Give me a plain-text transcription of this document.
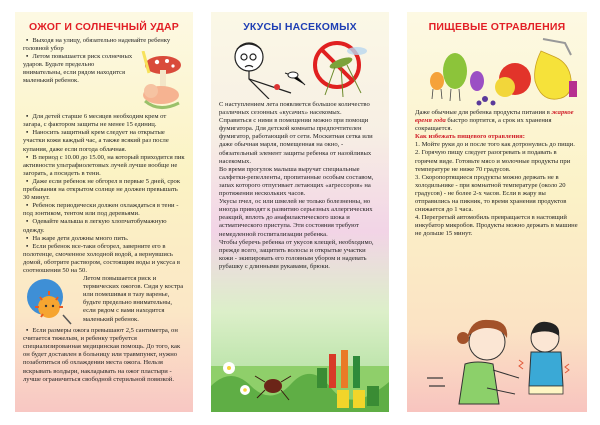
ОЖОГ И СОЛНЕЧНЫЙ УДАР

• Выходя на улицу, обязательно надевайте ребенку головной убор

• Летом повышается риск солнечных ударов. Будьте предельно внимательны, если рядом находится маленький ребенок.

• Для детей старше 6 месяцев необходим крем от загара, с фактором защиты не менее 15 единиц.

• Наносить защитный крем следует на открытые участки кожи каждый час, а также всякий раз после купания, даже если погода облачная.

• В период с 10.00 до 15.00, на который приходится пик активности ультрафиолетовых лучей лучше вообще не загорать, а посидеть в тени.

• Даже если ребенок не обгорел в первые 5 дней, срок пребывания на открытом солнце не должен превышать 30 минут.

• Ребенок периодически должен охлаждаться в тени - под зонтиком, тентом или под деревьями.

• Одевайте малыша в легкую хлопчатобумажную одежду.

• На жаре дети должны много пить.

• Если ребенок все-таки обгорел, заверните его в полотенце, смоченное холодной водой, а вернувшись домой, оботрите раствором, состоящим воды и уксуса в соотношении 50 на 50.

Летом повышается риск и термических ожогов. Сидя у костра или помешивая в тазу варенье, будьте предельно внимательны, если рядом с вами находится маленький ребенок.

• Если размеры ожога превышают 2,5 сантиметра, он считается тяжелым, и ребенку требуется специализированная медицинская помощь. До того, как он будет доставлен в больницу или травмпункт, нужно позаботиться об охлаждении места ожога. Нельзя вскрывать волдыри, накладывать на ожог пластыри - лучше ограничиться свободной стерильной повязкой.

УКУСЫ НАСЕКОМЫХ

С наступлением лета появляется большое количество различных сезонных «кусачих» насекомых.

Справиться с ними в помещении можно при помощи фумигатора. Для детской комнаты предпочтителен фумигатор, работающий от сети. Москитная сетка или даже обычная марля, помещенная на окно, - обязательный элемент защиты ребенка от назойливых насекомых.

Во время прогулок малыша выручат специальные салфетки-репелленты, пропитанные особым составом, запах которого отпугивает летающих «агрессоров» на протяжении нескольких часов.

Укусы пчел, ос или шмелей не только болезненны, но иногда приводят к развитию серьезных аллергических реакций, вплоть до анафилактического шока и астматического приступа. Эти состояния требуют немедленной госпитализации ребенка.

Чтобы уберечь ребенка от укусов клещей, необходимо, прежде всего, защитить волосы и открытые участки кожи - экипировать его головным убором и надевать рубашку с длинными рукавами, брюки.

ПИЩЕВЫЕ ОТРАВЛЕНИЯ

Даже обычные для ребенка продукты питания в жаркое время года быстро портится, а срок их хранения сокращается.

Как избежать пищевого отравления:

1. Мойте руки до и после того как дотронулись до пищи.

2. Горячую пищу следует разогревать и подавать в горячем виде. Готовьте мясо и молочные продукты при температуре не ниже 70 градусов.

3. Скоропортящиеся продукты можно держать не в холодильнике - при комнатной температуре (около 20 градусов) - не более 2-х часов. Если в жару вы отправились на пикник, то время хранения продуктов снижается до 1 часа.

4. Перегретый автомобиль превращается в настоящий инкубатор микробов. Продукты можно держать в машине не дольше 15 минут.
